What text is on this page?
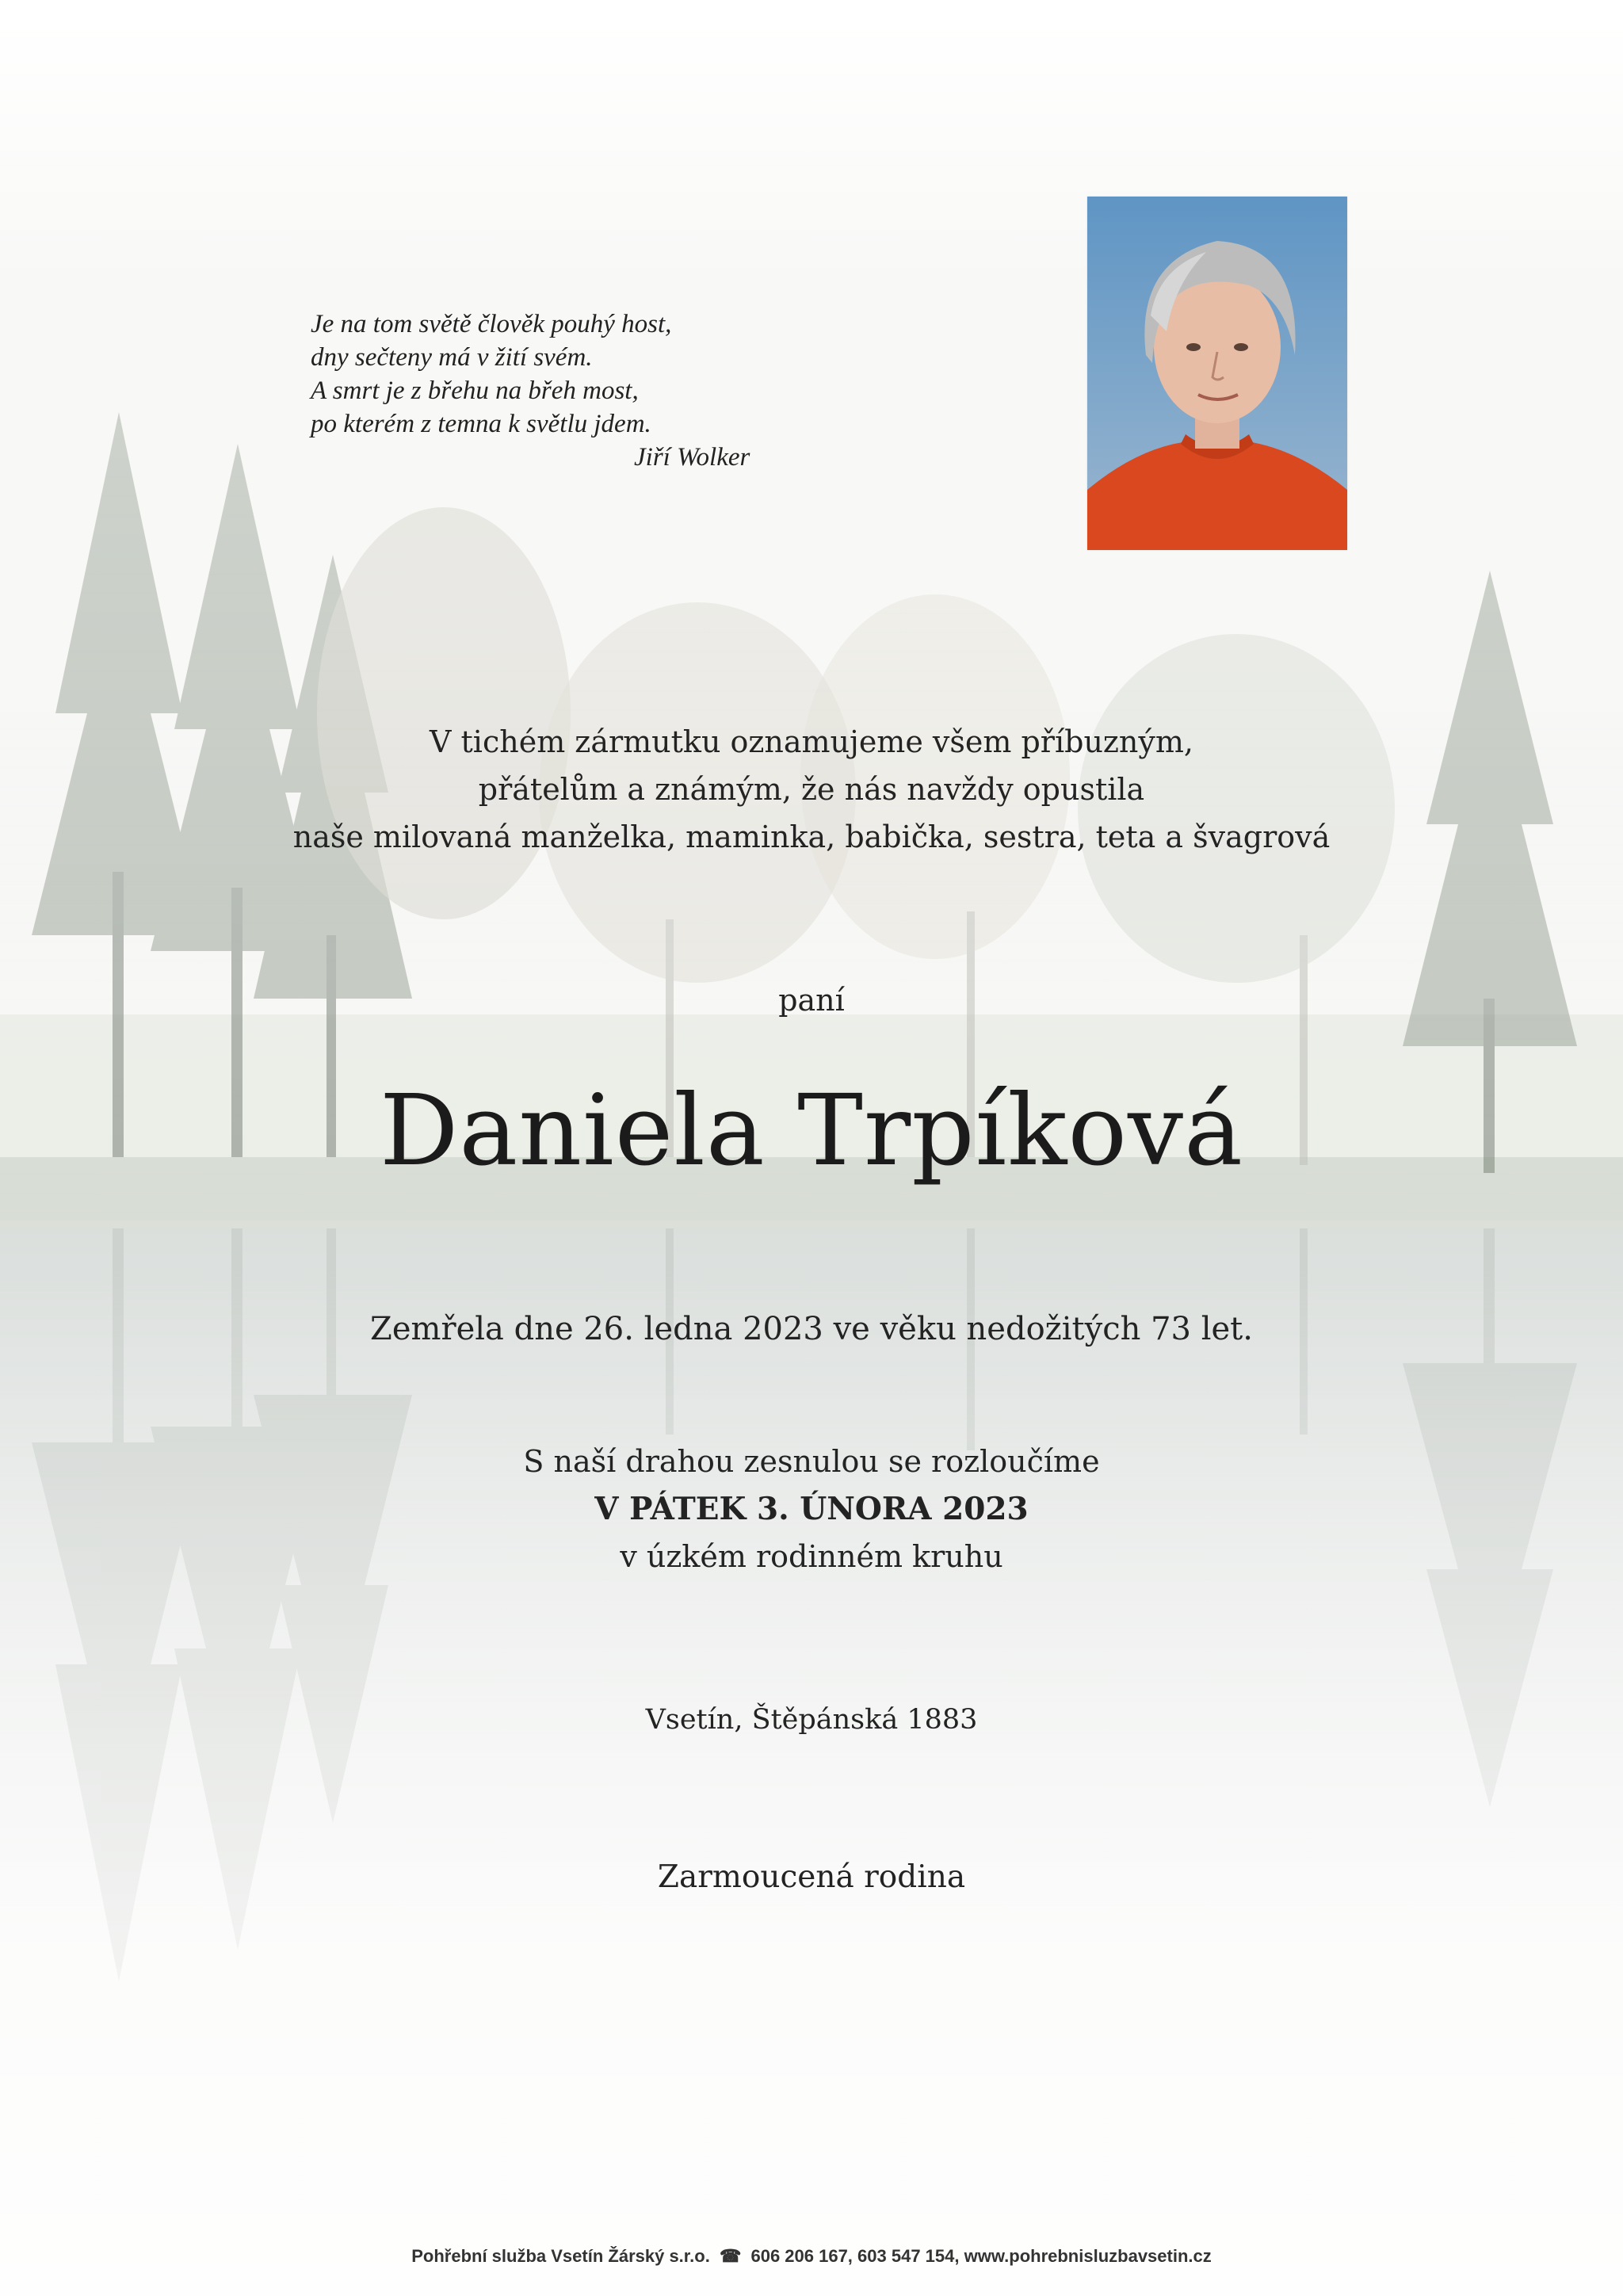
Je na tom světě člověk pouhý host,
dny sečteny má v žití svém.
A smrt je z břehu na břeh most,
po kterém z temna k světlu jdem.
Jiří Wolker
V tichém zármutku oznamujeme všem příbuzným,
přátelům a známým, že nás navždy opustila
naše milovaná manželka, maminka, babička, sestra, teta a švagrová
paní
Daniela Trpíková
Zemřela dne 26. ledna 2023 ve věku nedožitých 73 let.
S naší drahou zesnulou se rozloučíme
V PÁTEK 3. ÚNORA 2023
v úzkém rodinném kruhu
Vsetín, Štěpánská 1883
Zarmoucená rodina
Pohřební služba Vsetín Žárský s.r.o. ☎ 606 206 167, 603 547 154, www.pohrebnisluzbavsetin.cz
